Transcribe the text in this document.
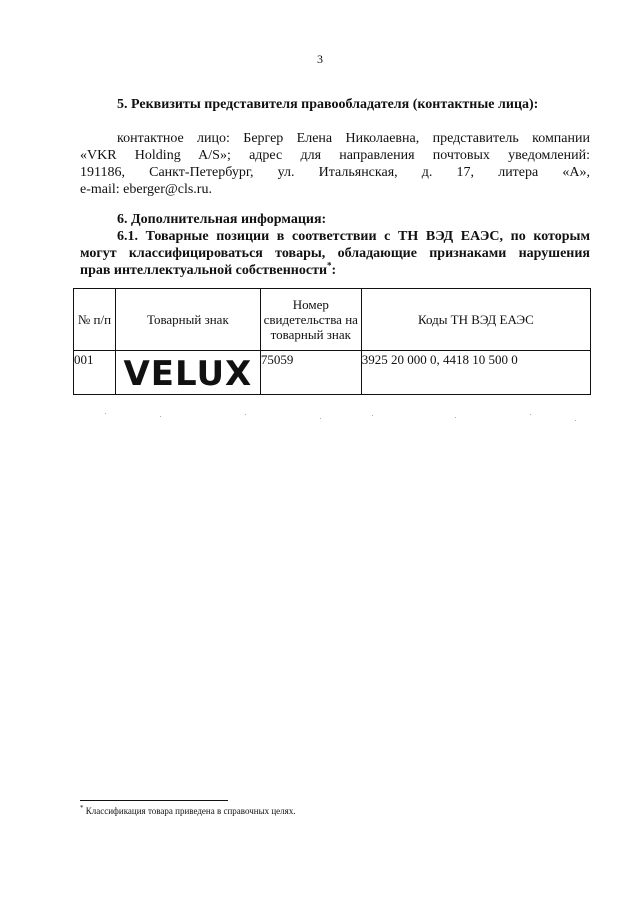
3
5. Реквизиты представителя правообладателя (контактные лица):
контактное лицо: Бергер Елена Николаевна, представитель компании
«VKR Holding A/S»; адрес для направления почтовых уведомлений:
191186, Санкт-Петербург, ул. Итальянская, д. 17, литера «А»,
e-mail: eberger@cls.ru.
6. Дополнительная информация:
6.1. Товарные позиции в соответствии с ТН ВЭД ЕАЭС, по которым
могут классифицироваться товары, обладающие признаками нарушения
прав интеллектуальной собственности*:
№ п/п	Товарный знак	Номер свидетельства на товарный знак	Коды ТН ВЭД ЕАЭС
001	VELUX	75059	3925 20 000 0, 4418 10 500 0
* Классификация товара приведена в справочных целях.
